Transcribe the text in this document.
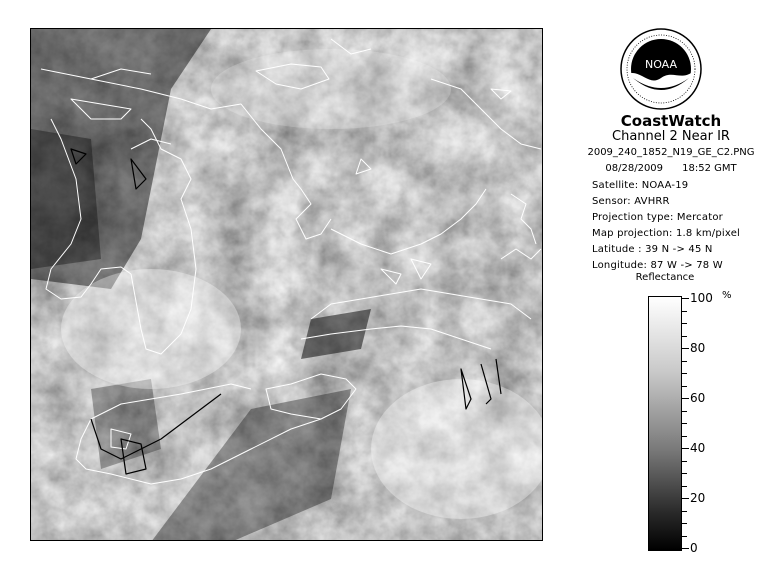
NOAA
CoastWatch
Channel 2 Near IR
2009_240_1852_N19_GE_C2.PNG
08/28/2009 18:52 GMT
Satellite: NOAA-19
Sensor: AVHRR
Projection type: Mercator
Map projection: 1.8 km/pixel
Latitude : 39 N -> 45 N
Longitude: 87 W -> 78 W
Reflectance
%
100
80
60
40
20
0
